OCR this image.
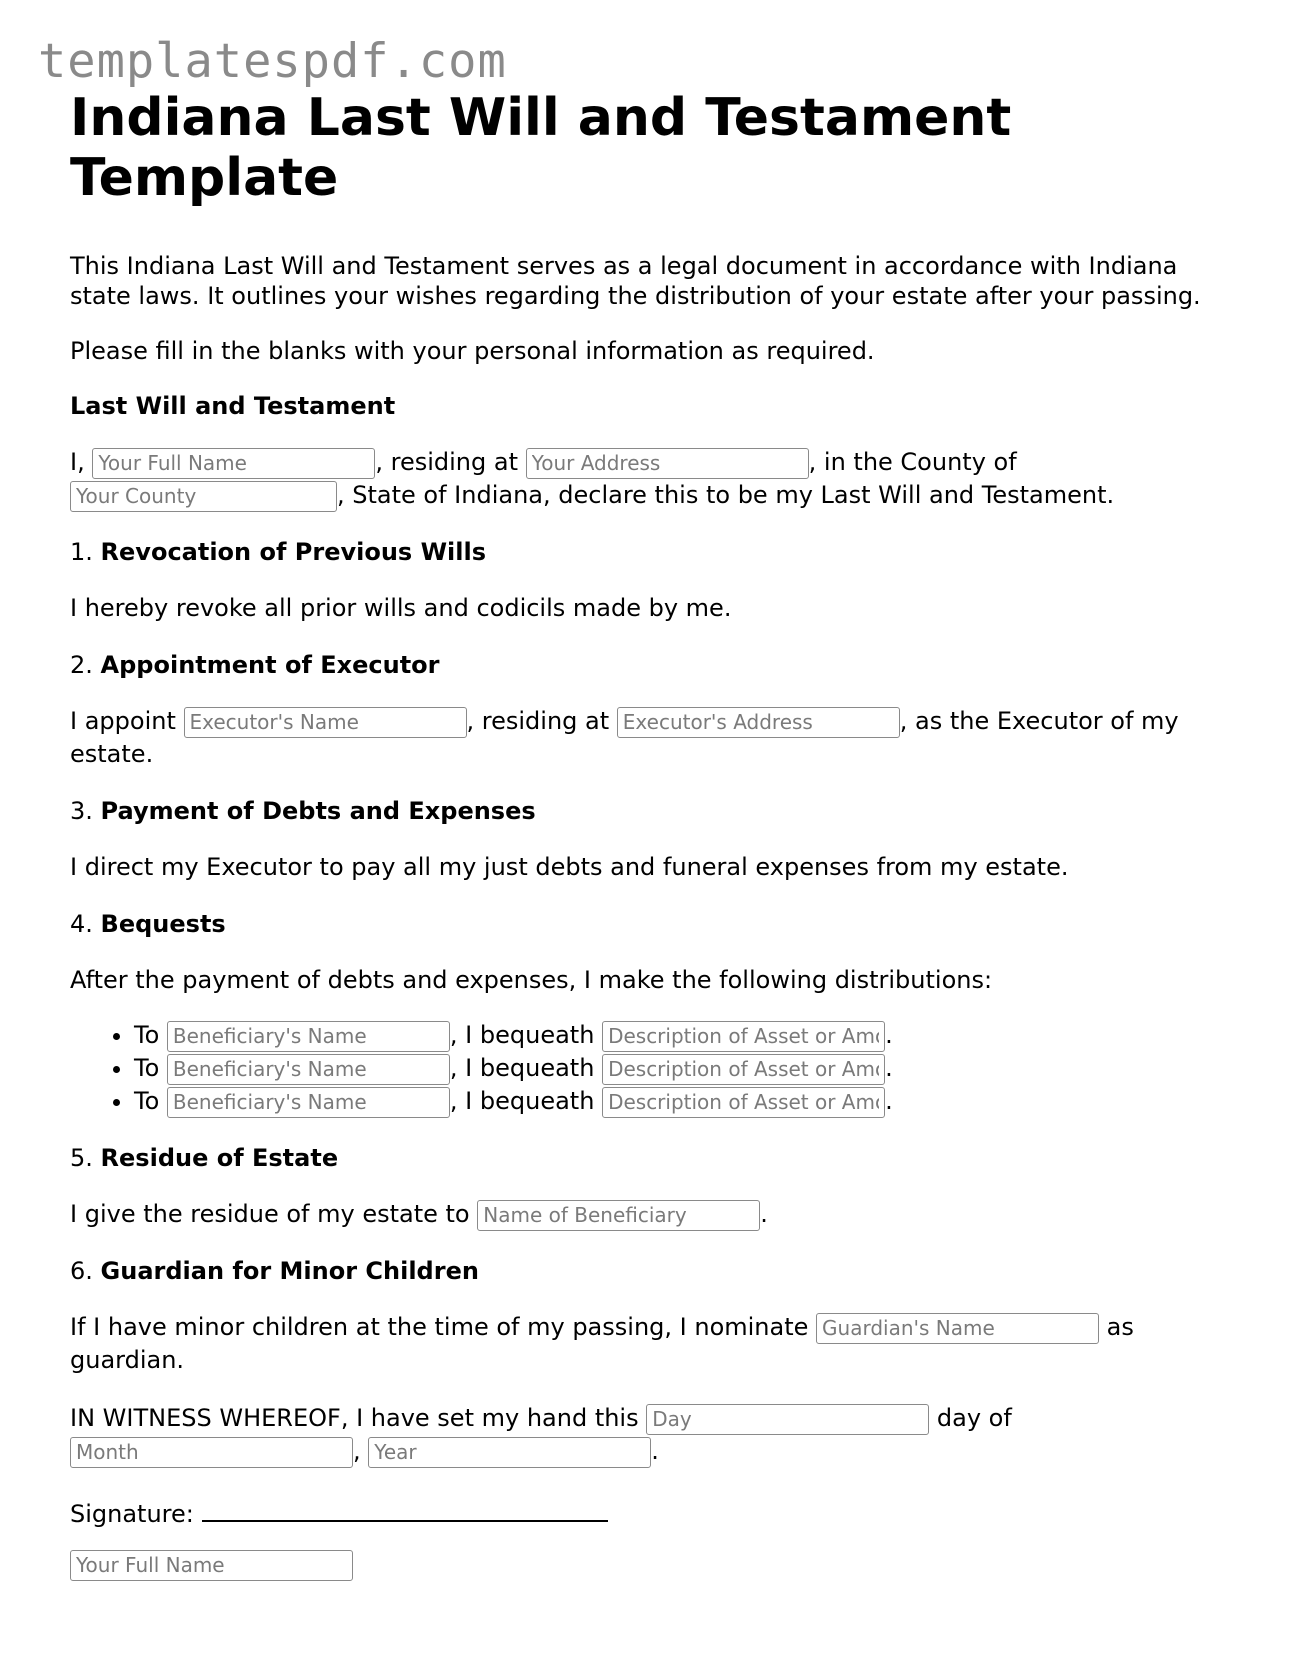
templatespdf.com
Indiana Last Will and Testament Template

This Indiana Last Will and Testament serves as a legal document in accordance with Indiana state laws. It outlines your wishes regarding the distribution of your estate after your passing.

Please fill in the blanks with your personal information as required.

Last Will and Testament

I, Your Full Name	, residing at Your Address	, in the County of
Your County, State of Indiana, declare this to be my Last Will and Testament.

1. Revocation of Previous Wills

I hereby revoke all prior wills and codicils made by me.

2. Appointment of Executor

I appoint Executor's Name	, residing at Executor's Address	, as the Executor of my estate.

3. Payment of Debts and Expenses

I direct my Executor to pay all my just debts and funeral expenses from my estate.

4. Bequests

After the payment of debts and expenses, I make the following distributions:

• To Beneficiary's Name	, I bequeath Description of Asset or Amount	.
• To Beneficiary's Name	, I bequeath Description of Asset or Amount	.
• To Beneficiary's Name	, I bequeath Description of Asset or Amount	.
5. Residue of Estate

I give the residue of my estate to Name of Beneficiary	.

6. Guardian for Minor Children

If I have minor children at the time of my passing, I nominate Guardian's Name	as guardian.

IN WITNESS WHEREOF, I have set my hand this Day	day of
Month, Year	.

Signature:

Your Full Name
